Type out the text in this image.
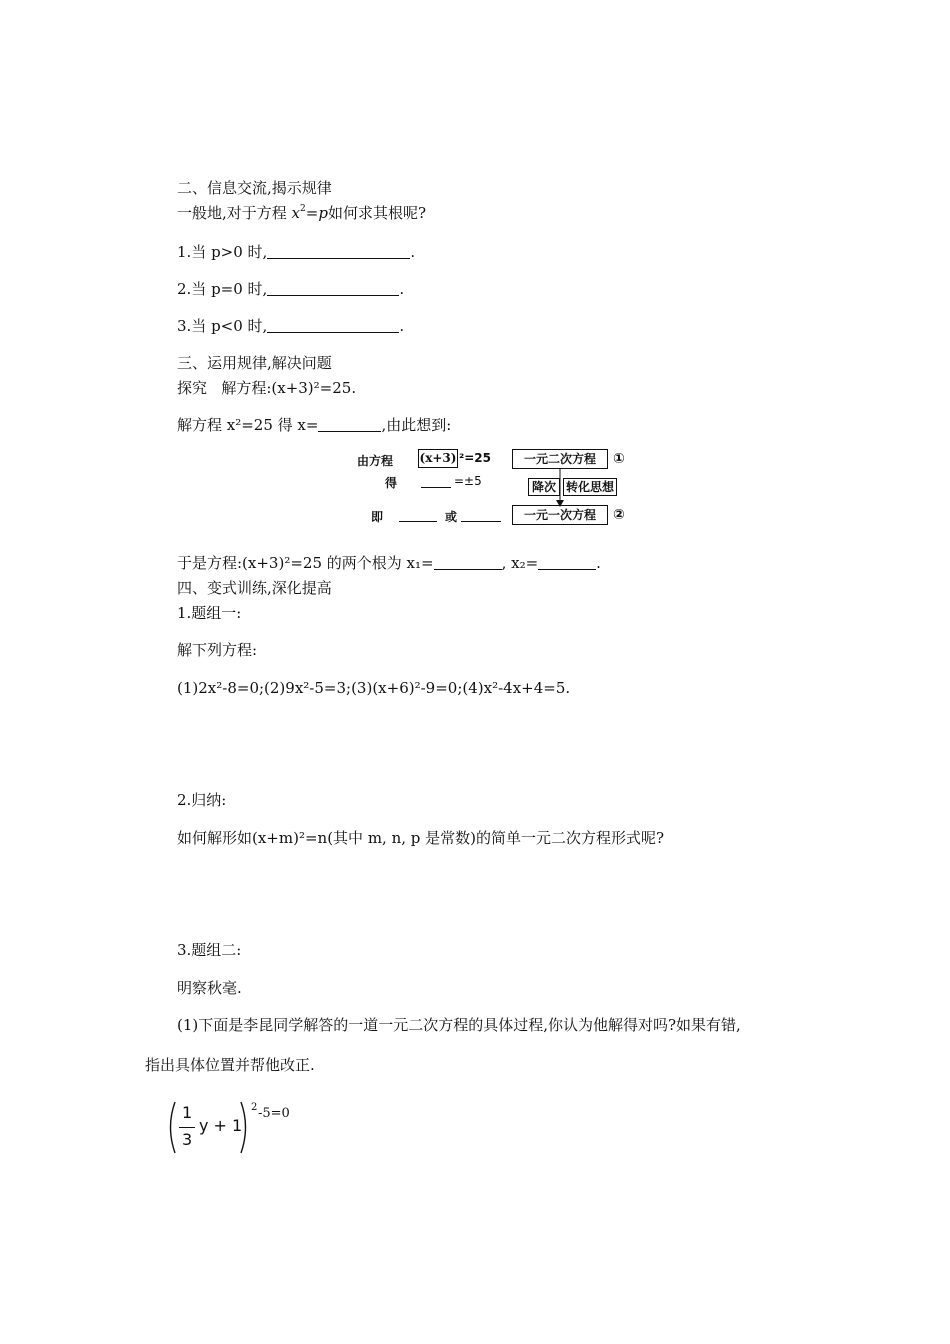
二、信息交流,揭示规律
一般地,对于方程 $x^2=p$如何求其根呢?
1.当 p>0 时,	.
2.当 p=0 时,	.
3.当 p<0 时,	.
三、运用规律,解决问题
探究 解方程:(x+3)²=25.
解方程 x²=25 得 x=	,由此想到:
由方程 (x+3) ²=25	一元二次方程	①
得	=±5	降次 转化思想
即	或	一元一次方程	②
于是方程:(x+3)²=25 的两个根为 x₁=	, x₂=	.
四、变式训练,深化提高
1.题组一:
解下列方程:
(1)2x²-8=0;(2)9x²-5=3;(3)(x+6)²-9=0;(4)x²-4x+4=5.
2.归纳:
如何解形如(x+m)²=n(其中 m, n, p 是常数)的简单一元二次方程形式呢?
3.题组二:
明察秋毫.
(1)下面是李昆同学解答的一道一元二次方程的具体过程,你认为他解得对吗?如果有错,
指出具体位置并帮他改正.
1
3
y + 1
2 -5=0
